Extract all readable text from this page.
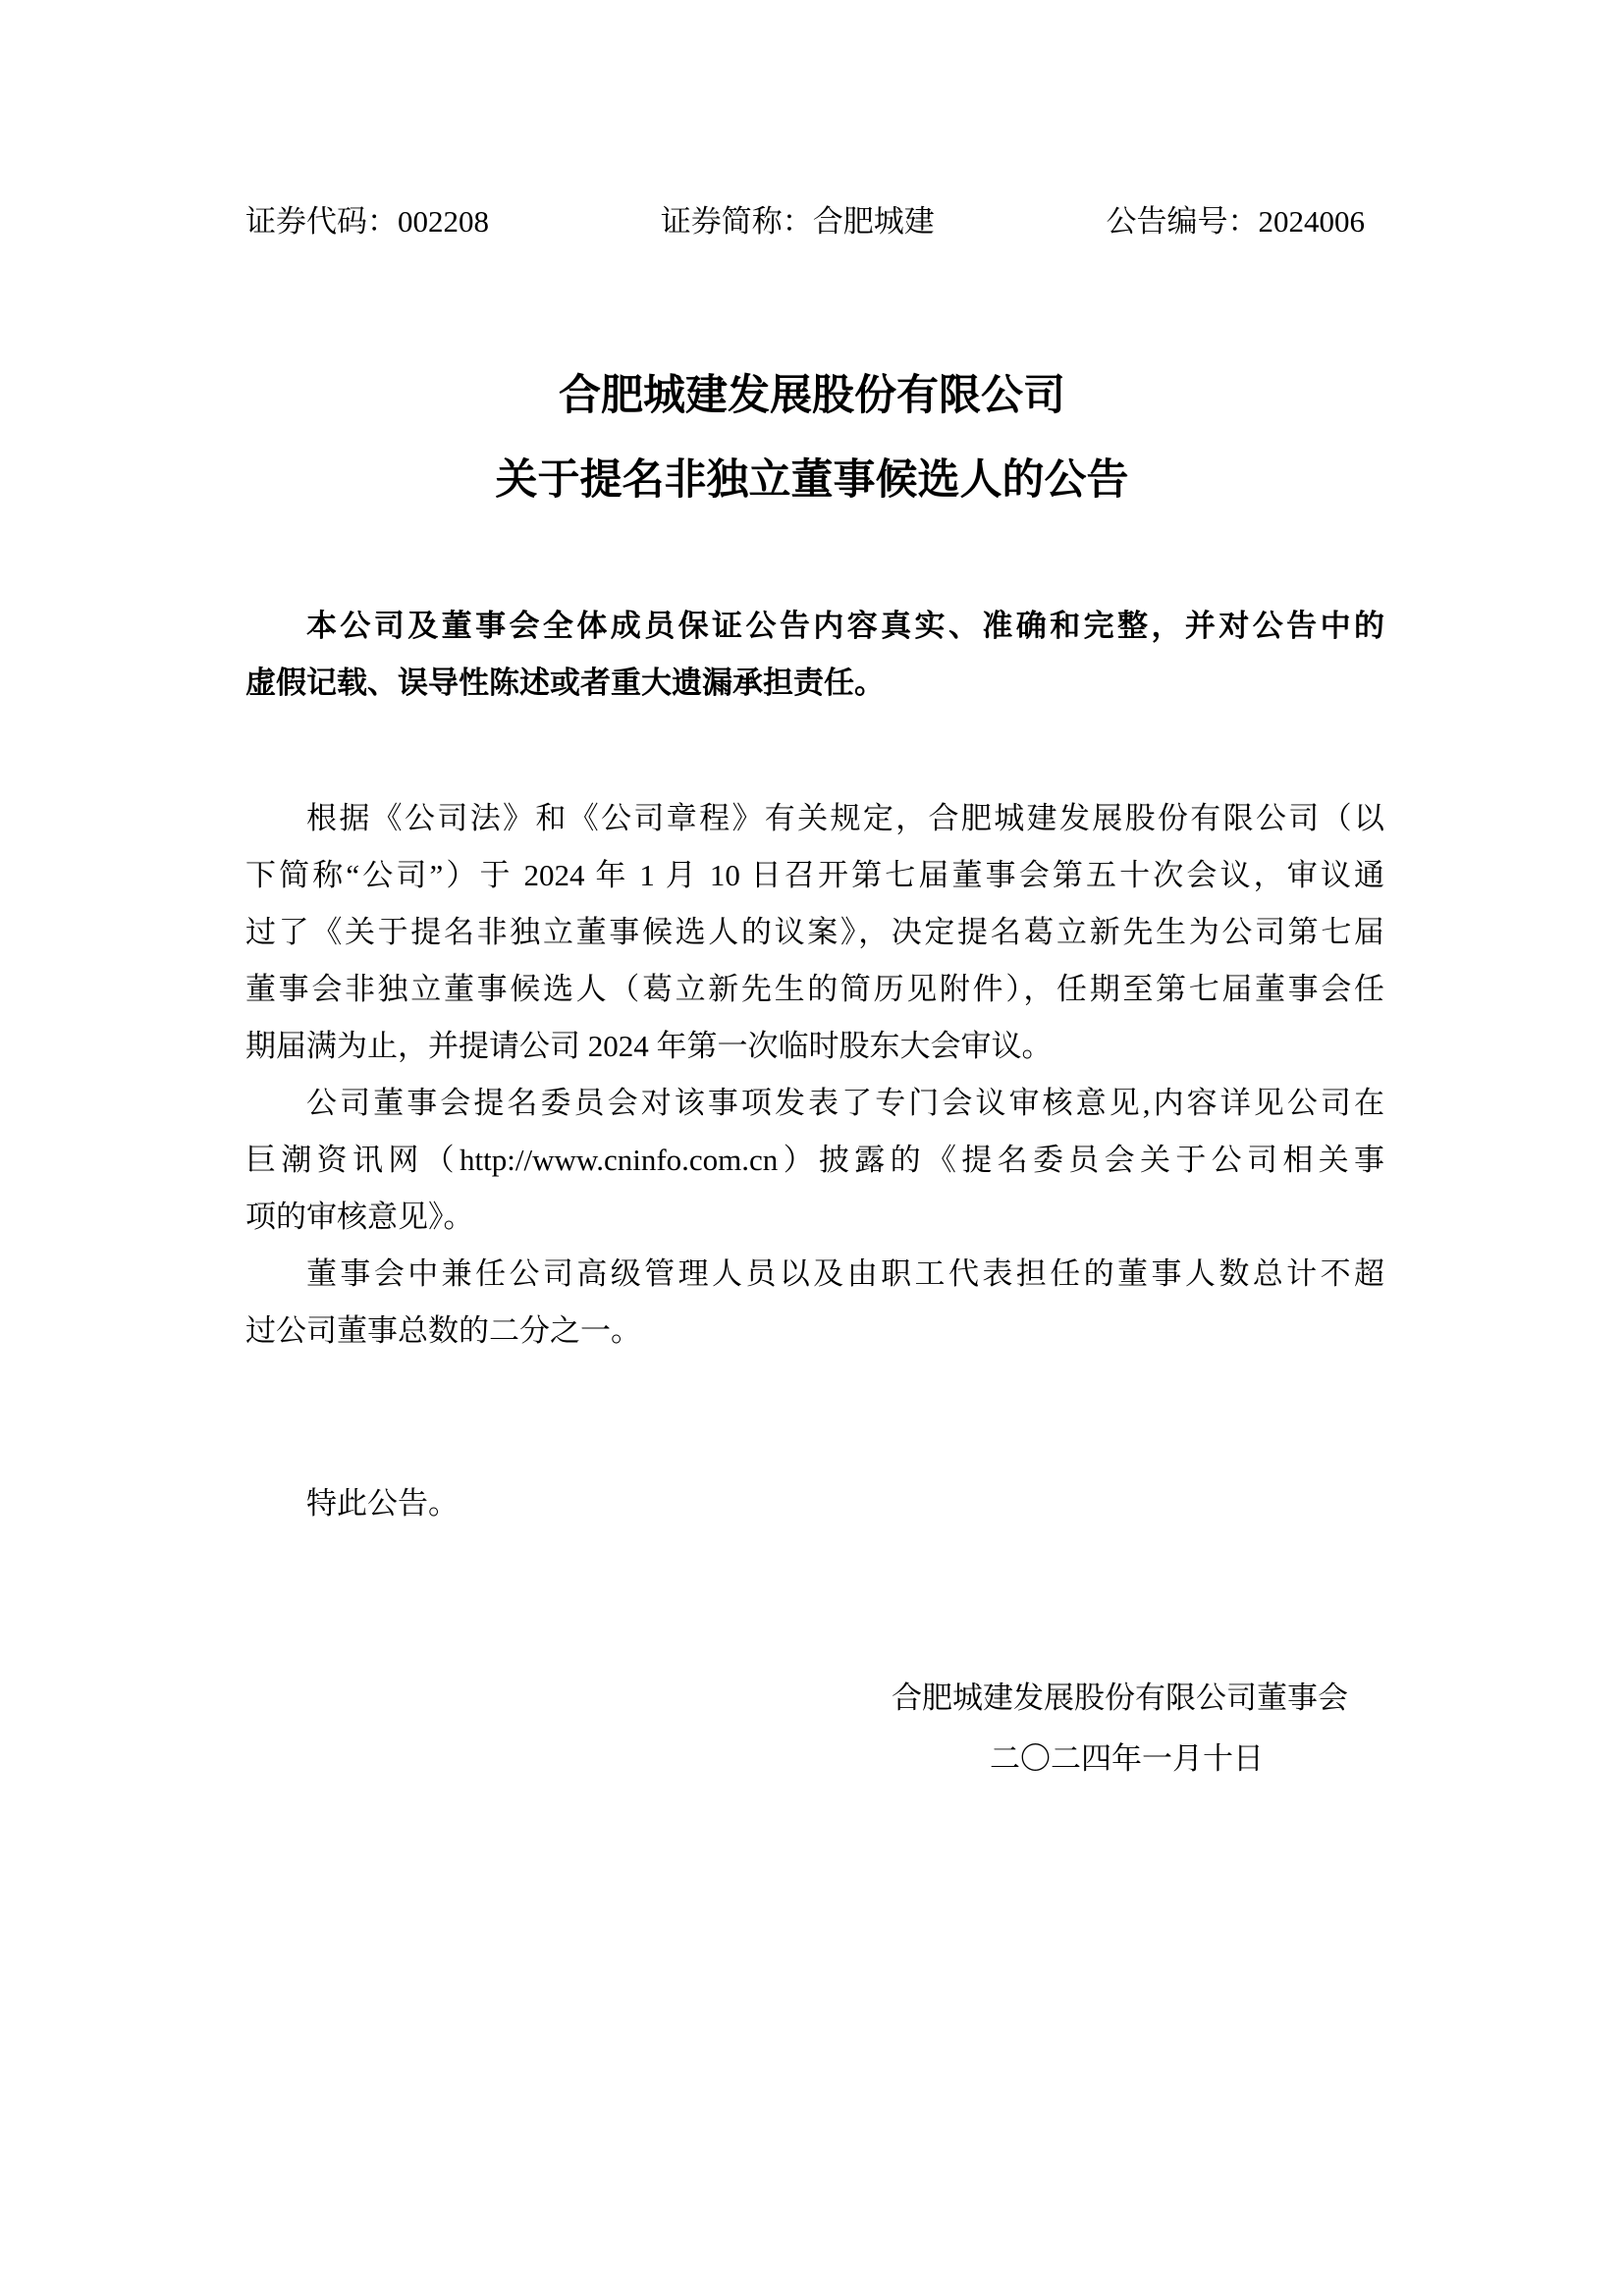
证券代码：002208	证券简称：合肥城建	公告编号：2024006
合肥城建发展股份有限公司
关于提名非独立董事候选人的公告
本公司及董事会全体成员保证公告内容真实、准确和完整，并对公告中的
虚假记载、误导性陈述或者重大遗漏承担责任。
根据《公司法》和《公司章程》有关规定，合肥城建发展股份有限公司（以
下简称“公司”）于 2024 年 1 月 10 日召开第七届董事会第五十次会议，审议通
过了《关于提名非独立董事候选人的议案》，决定提名葛立新先生为公司第七届
董事会非独立董事候选人（葛立新先生的简历见附件），任期至第七届董事会任
期届满为止，并提请公司 2024 年第一次临时股东大会审议。
公司董事会提名委员会对该事项发表了专门会议审核意见,内容详见公司在
巨潮资讯网（http://www.cninfo.com.cn）披露的《提名委员会关于公司相关事
项的审核意见》。
董事会中兼任公司高级管理人员以及由职工代表担任的董事人数总计不超
过公司董事总数的二分之一。
特此公告。
合肥城建发展股份有限公司董事会
二〇二四年一月十日
